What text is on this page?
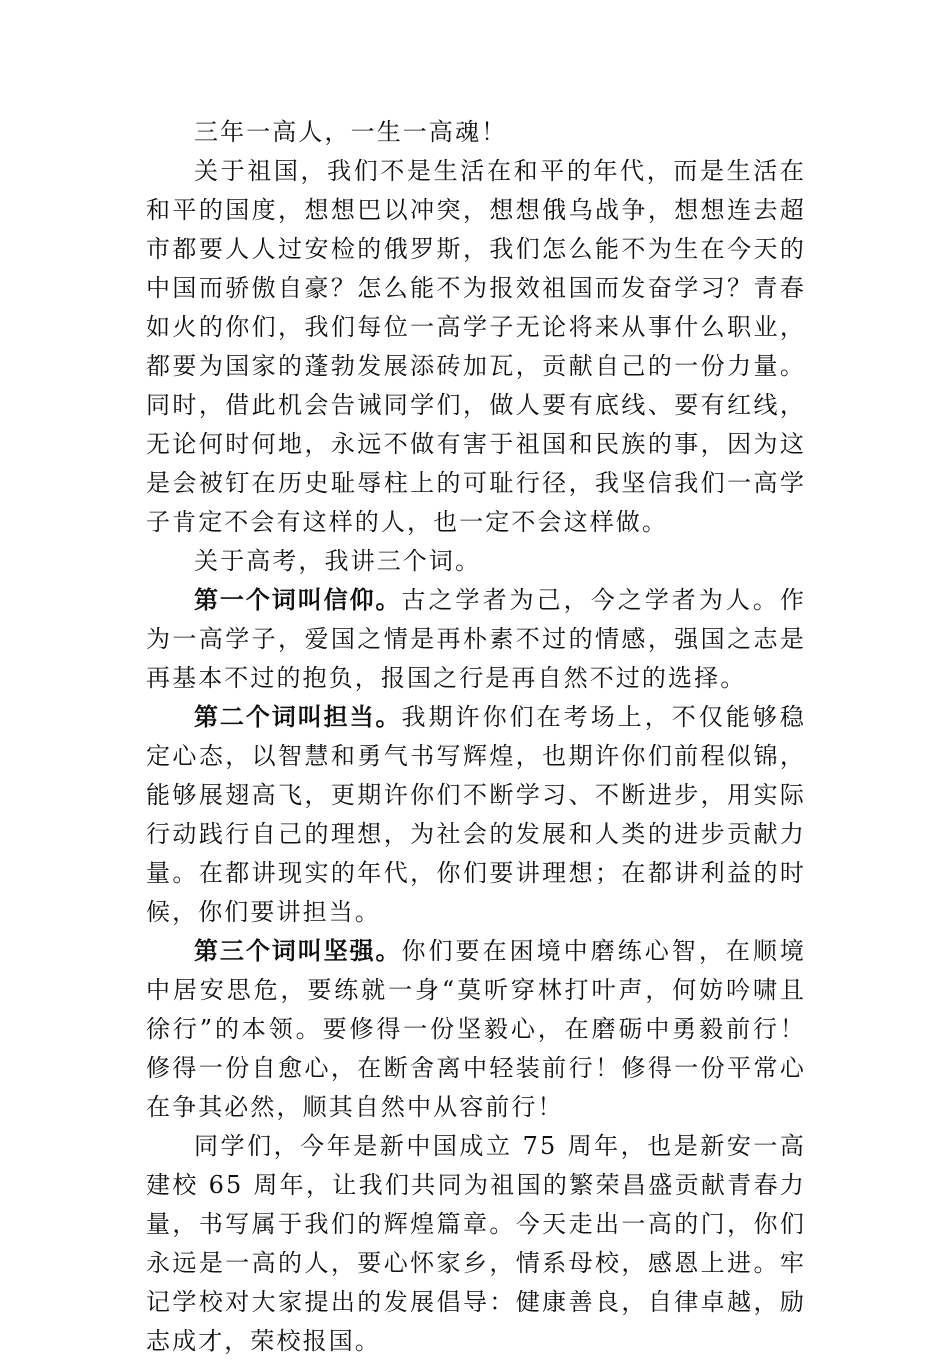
三年一高人，一生一高魂！

关于祖国，我们不是生活在和平的年代，而是生活在和平的国度，想想巴以冲突，想想俄乌战争，想想连去超市都要人人过安检的俄罗斯，我们怎么能不为生在今天的中国而骄傲自豪？怎么能不为报效祖国而发奋学习？青春如火的你们，我们每位一高学子无论将来从事什么职业，都要为国家的蓬勃发展添砖加瓦，贡献自己的一份力量。同时，借此机会告诫同学们，做人要有底线、要有红线，无论何时何地，永远不做有害于祖国和民族的事，因为这是会被钉在历史耻辱柱上的可耻行径，我坚信我们一高学子肯定不会有这样的人，也一定不会这样做。

关于高考，我讲三个词。

第一个词叫信仰。古之学者为己，今之学者为人。作为一高学子，爱国之情是再朴素不过的情感，强国之志是再基本不过的抱负，报国之行是再自然不过的选择。

第二个词叫担当。我期许你们在考场上，不仅能够稳定心态，以智慧和勇气书写辉煌，也期许你们前程似锦，能够展翅高飞，更期许你们不断学习、不断进步，用实际行动践行自己的理想，为社会的发展和人类的进步贡献力量。在都讲现实的年代，你们要讲理想；在都讲利益的时候，你们要讲担当。

第三个词叫坚强。你们要在困境中磨练心智，在顺境中居安思危，要练就一身“莫听穿林打叶声，何妨吟啸且徐行”的本领。要修得一份坚毅心，在磨砺中勇毅前行！修得一份自愈心，在断舍离中轻装前行！修得一份平常心在争其必然，顺其自然中从容前行！

同学们，今年是新中国成立 75 周年，也是新安一高建校 65 周年，让我们共同为祖国的繁荣昌盛贡献青春力量，书写属于我们的辉煌篇章。今天走出一高的门，你们永远是一高的人，要心怀家乡，情系母校，感恩上进。牢记学校对大家提出的发展倡导：健康善良，自律卓越，励志成才，荣校报国。
